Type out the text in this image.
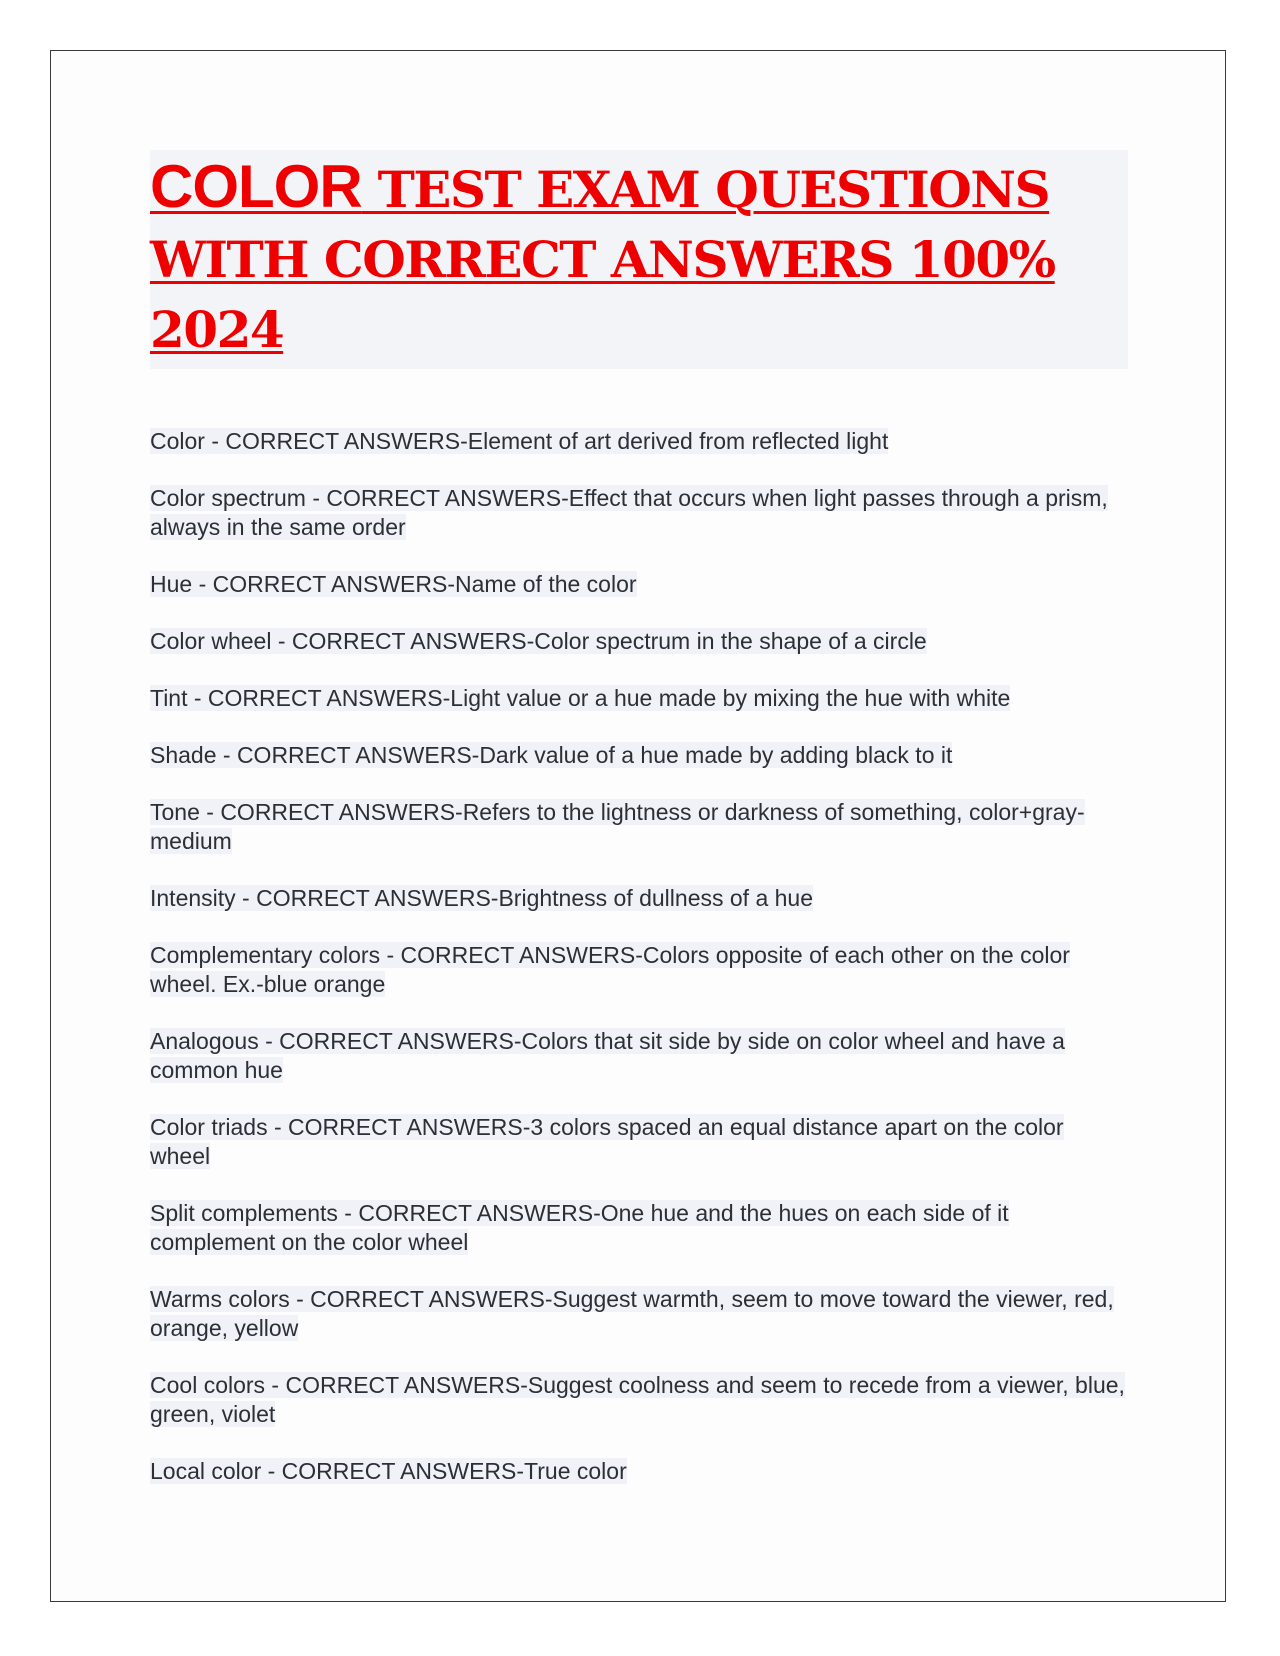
COLOR TEST EXAM QUESTIONS WITH CORRECT ANSWERS 100% 2024

Color - CORRECT ANSWERS-Element of art derived from reflected light

Color spectrum - CORRECT ANSWERS-Effect that occurs when light passes through a prism, always in the same order

Hue - CORRECT ANSWERS-Name of the color

Color wheel - CORRECT ANSWERS-Color spectrum in the shape of a circle

Tint - CORRECT ANSWERS-Light value or a hue made by mixing the hue with white

Shade - CORRECT ANSWERS-Dark value of a hue made by adding black to it

Tone - CORRECT ANSWERS-Refers to the lightness or darkness of something, color+gray- medium

Intensity - CORRECT ANSWERS-Brightness of dullness of a hue

Complementary colors - CORRECT ANSWERS-Colors opposite of each other on the color wheel. Ex.-blue orange

Analogous - CORRECT ANSWERS-Colors that sit side by side on color wheel and have a common hue

Color triads - CORRECT ANSWERS-3 colors spaced an equal distance apart on the color wheel

Split complements - CORRECT ANSWERS-One hue and the hues on each side of it complement on the color wheel

Warms colors - CORRECT ANSWERS-Suggest warmth, seem to move toward the viewer, red, orange, yellow

Cool colors - CORRECT ANSWERS-Suggest coolness and seem to recede from a viewer, blue, green, violet

Local color - CORRECT ANSWERS-True color
